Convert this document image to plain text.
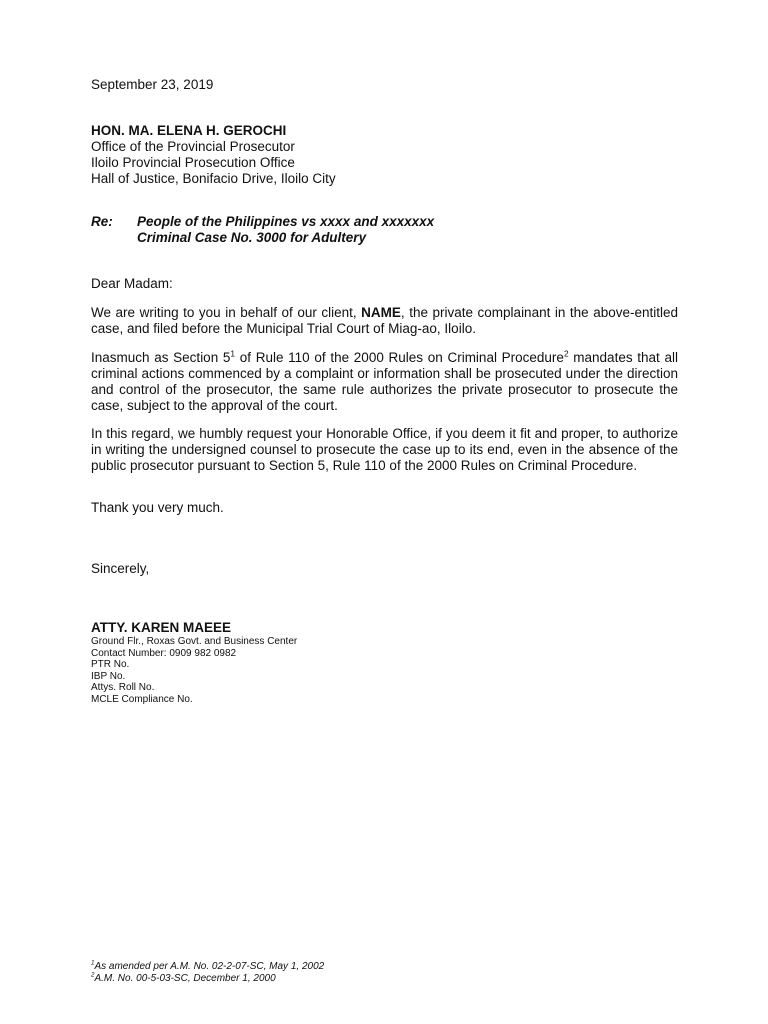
September 23, 2019
HON. MA. ELENA H. GEROCHI
Office of the Provincial Prosecutor
Iloilo Provincial Prosecution Office
Hall of Justice, Bonifacio Drive, Iloilo City
Re: People of the Philippines vs xxxx and xxxxxxx
Criminal Case No. 3000 for Adultery
Dear Madam:
We are writing to you in behalf of our client, NAME, the private complainant in the above-entitled case, and filed before the Municipal Trial Court of Miag-ao, Iloilo.
Inasmuch as Section $5^1$ of Rule 110 of the 2000 Rules on Criminal Procedure$^2$ mandates that all criminal actions commenced by a complaint or information shall be prosecuted under the direction and control of the prosecutor, the same rule authorizes the private prosecutor to prosecute the case, subject to the approval of the court.
In this regard, we humbly request your Honorable Office, if you deem it fit and proper, to authorize in writing the undersigned counsel to prosecute the case up to its end, even in the absence of the public prosecutor pursuant to Section 5, Rule 110 of the 2000 Rules on Criminal Procedure.
Thank you very much.
Sincerely,
ATTY. KAREN MAEEE
Ground Flr., Roxas Govt. and Business Center
Contact Number: 0909 982 0982
PTR No.
IBP No.
Attys. Roll No.
MCLE Compliance No.
$^1$As amended per A.M. No. 02-2-07-SC, May 1, 2002
$^2$A.M. No. 00-5-03-SC, December 1, 2000
